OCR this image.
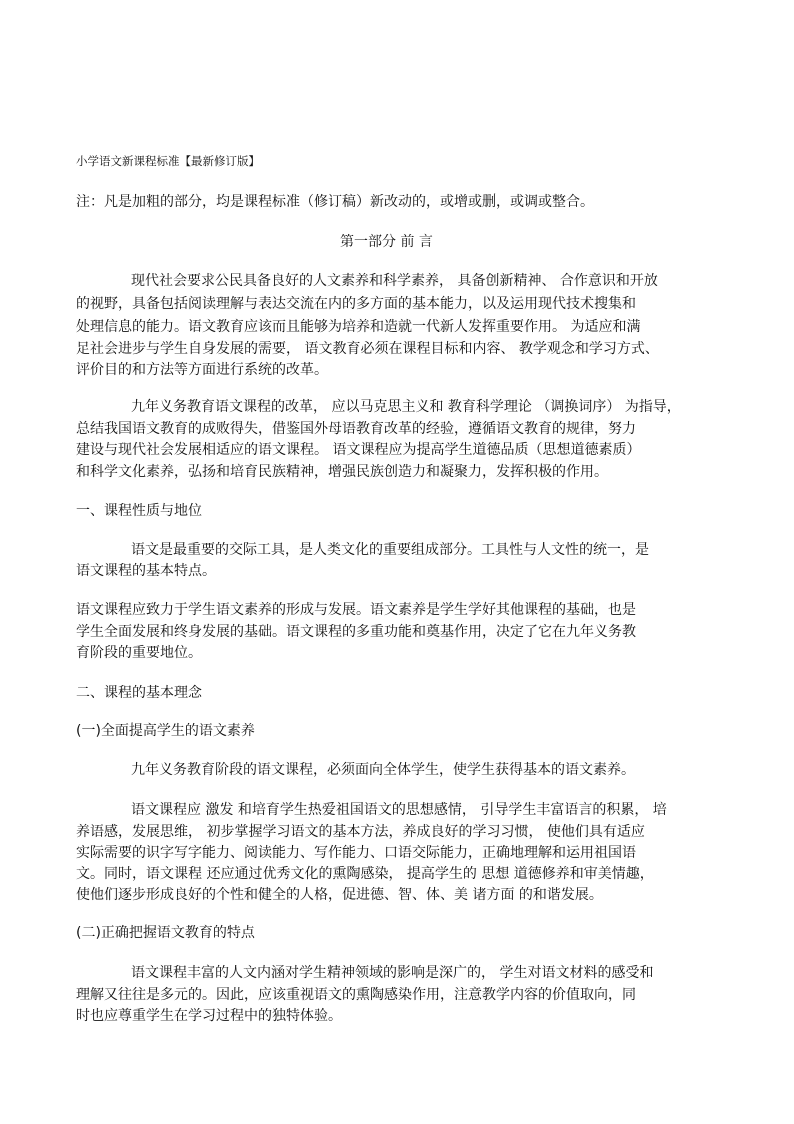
小学语文新课程标准【最新修订版】
注：凡是加粗的部分，均是课程标准（修订稿）新改动的，或增或删，或调或整合。
第一部分 前 言
现代社会要求公民具备良好的人文素养和科学素养， 具备创新精神、 合作意识和开放
的视野，具备包括阅读理解与表达交流在内的多方面的基本能力，以及运用现代技术搜集和
处理信息的能力。语文教育应该而且能够为培养和造就一代新人发挥重要作用。 为适应和满
足社会进步与学生自身发展的需要， 语文教育必须在课程目标和内容、 教学观念和学习方式、
评价目的和方法等方面进行系统的改革。
九年义务教育语文课程的改革， 应以马克思主义和 教育科学理论 （调换词序） 为指导，
总结我国语文教育的成败得失，借鉴国外母语教育改革的经验，遵循语文教育的规律，努力
建设与现代社会发展相适应的语文课程。 语文课程应为提高学生道德品质（思想道德素质）
和科学文化素养，弘扬和培育民族精神，增强民族创造力和凝聚力，发挥积极的作用。
一、课程性质与地位
语文是最重要的交际工具，是人类文化的重要组成部分。工具性与人文性的统一，是
语文课程的基本特点。
语文课程应致力于学生语文素养的形成与发展。语文素养是学生学好其他课程的基础，也是
学生全面发展和终身发展的基础。语文课程的多重功能和奠基作用，决定了它在九年义务教
育阶段的重要地位。
二、课程的基本理念
(一)全面提高学生的语文素养
九年义务教育阶段的语文课程，必须面向全体学生，使学生获得基本的语文素养。
语文课程应 激发 和培育学生热爱祖国语文的思想感情， 引导学生丰富语言的积累， 培
养语感，发展思维， 初步掌握学习语文的基本方法，养成良好的学习习惯， 使他们具有适应
实际需要的识字写字能力、阅读能力、写作能力、口语交际能力，正确地理解和运用祖国语
文。同时，语文课程 还应通过优秀文化的熏陶感染， 提高学生的 思想 道德修养和审美情趣，
使他们逐步形成良好的个性和健全的人格，促进德、智、体、美 诸方面 的和谐发展。
(二)正确把握语文教育的特点
语文课程丰富的人文内涵对学生精神领域的影响是深广的， 学生对语文材料的感受和
理解又往往是多元的。因此，应该重视语文的熏陶感染作用，注意教学内容的价值取向，同
时也应尊重学生在学习过程中的独特体验。
